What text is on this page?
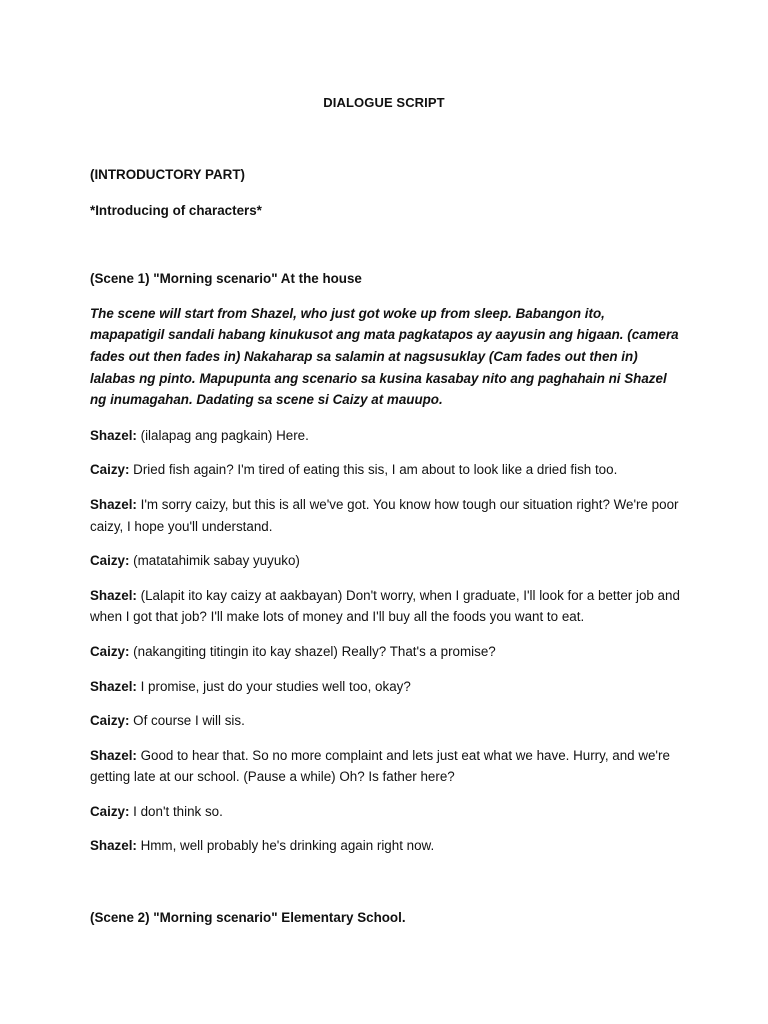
DIALOGUE SCRIPT

(INTRODUCTORY PART)

*Introducing of characters*

(Scene 1) "Morning scenario" At the house

The scene will start from Shazel, who just got woke up from sleep. Babangon ito, mapapatigil sandali habang kinukusot ang mata pagkatapos ay aayusin ang higaan. (camera fades out then fades in) Nakaharap sa salamin at nagsusuklay (Cam fades out then in) lalabas ng pinto. Mapupunta ang scenario sa kusina kasabay nito ang paghahain ni Shazel ng inumagahan. Dadating sa scene si Caizy at mauupo.

Shazel: (ilalapag ang pagkain) Here.

Caizy: Dried fish again? I'm tired of eating this sis, I am about to look like a dried fish too.

Shazel: I'm sorry caizy, but this is all we've got. You know how tough our situation right? We're poor caizy, I hope you'll understand.

Caizy: (matatahimik sabay yuyuko)

Shazel: (Lalapit ito kay caizy at aakbayan) Don't worry, when I graduate, I'll look for a better job and when I got that job? I'll make lots of money and I'll buy all the foods you want to eat.

Caizy: (nakangiting titingin ito kay shazel) Really? That's a promise?

Shazel: I promise, just do your studies well too, okay?

Caizy: Of course I will sis.

Shazel: Good to hear that. So no more complaint and lets just eat what we have. Hurry, and we're getting late at our school. (Pause a while) Oh? Is father here?

Caizy: I don't think so.

Shazel: Hmm, well probably he's drinking again right now.

(Scene 2) "Morning scenario" Elementary School.
